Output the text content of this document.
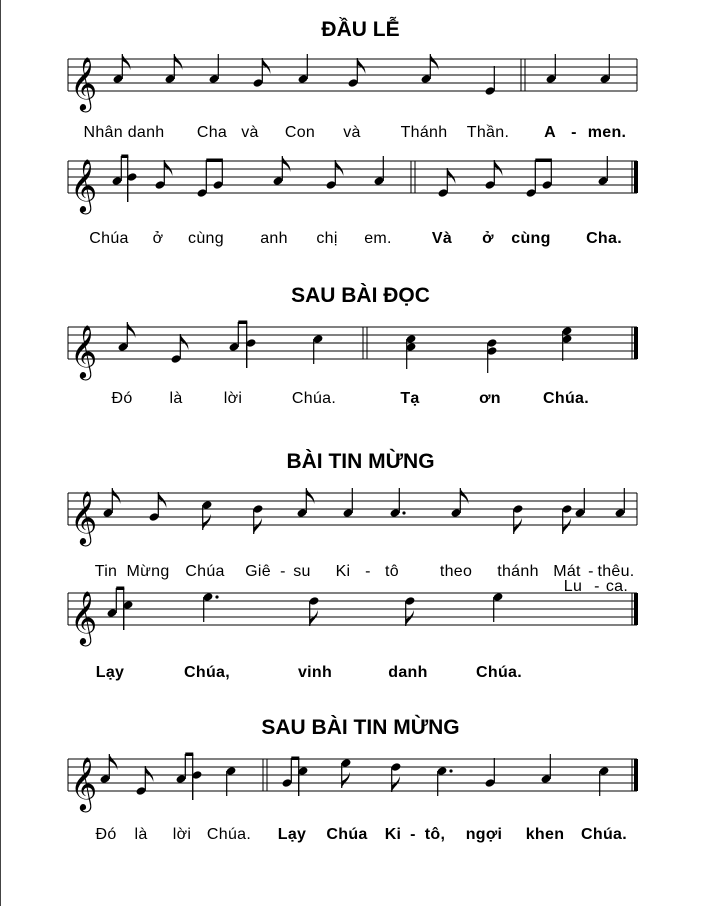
ĐẦU LỄ
SAU BÀI ĐỌC
BÀI TIN MỪNG
SAU BÀI TIN MỪNG
𝄞
𝄞
𝄞
𝄞
𝄞
𝄞
Nhân danh Cha và Con và Thánh Thần. A - men.
Chúa ở cùng anh chị em.	Và ở cùng Cha.
Đó là	lời	Chúa.	Tạ	ơn	Chúa.
Tin Mừng Chúa Giê - su Ki - tô	theo thánh Mát - thêu.
Lu - ca.
Lạy	Chúa,	vinh	danh	Chúa.
Đó là lời Chúa. Lạy Chúa Ki - tô, ngợi khen Chúa.
